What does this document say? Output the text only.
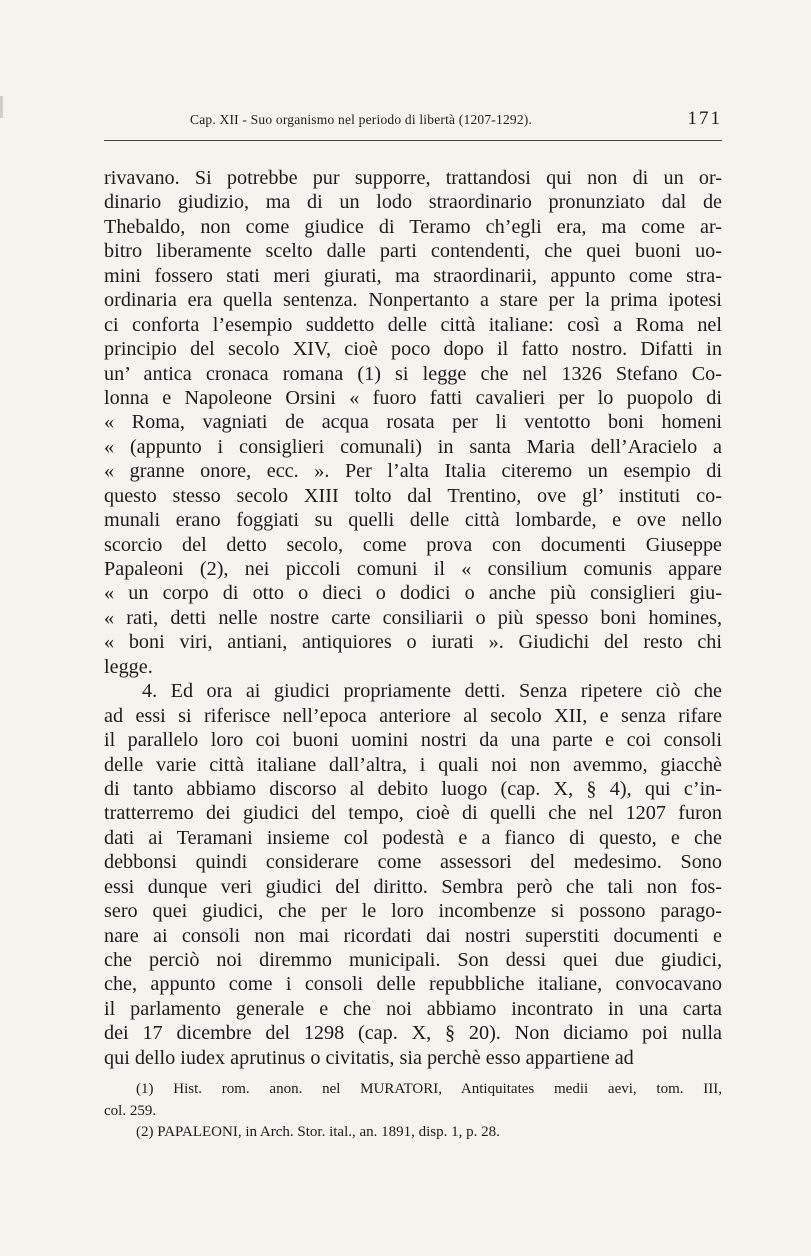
Cap. XII - Suo organismo nel periodo di libertà (1207-1292).	171
rivavano. Si potrebbe pur supporre, trattandosi qui non di un or-
dinario giudizio, ma di un lodo straordinario pronunziato dal de
Thebaldo, non come giudice di Teramo ch’egli era, ma come ar-
bitro liberamente scelto dalle parti contendenti, che quei buoni uo-
mini fossero stati meri giurati, ma straordinarii, appunto come stra-
ordinaria era quella sentenza. Nonpertanto a stare per la prima ipotesi
ci conforta l’esempio suddetto delle città italiane: così a Roma nel
principio del secolo XIV, cioè poco dopo il fatto nostro. Difatti in
un’ antica cronaca romana (1) si legge che nel 1326 Stefano Co-
lonna e Napoleone Orsini « fuoro fatti cavalieri per lo puopolo di
« Roma, vagniati de acqua rosata per li ventotto boni homeni
« (appunto i consiglieri comunali) in santa Maria dell’Aracielo a
« granne onore, ecc. ». Per l’alta Italia citeremo un esempio di
questo stesso secolo XIII tolto dal Trentino, ove gl’ instituti co-
munali erano foggiati su quelli delle città lombarde, e ove nello
scorcio del detto secolo, come prova con documenti Giuseppe
Papaleoni (2), nei piccoli comuni il « consilium comunis appare
« un corpo di otto o dieci o dodici o anche più consiglieri giu-
« rati, detti nelle nostre carte consiliarii o più spesso boni homines,
« boni viri, antiani, antiquiores o iurati ». Giudichi del resto chi
legge.
4. Ed ora ai giudici propriamente detti. Senza ripetere ciò che
ad essi si riferisce nell’epoca anteriore al secolo XII, e senza rifare
il parallelo loro coi buoni uomini nostri da una parte e coi consoli
delle varie città italiane dall’altra, i quali noi non avemmo, giacchè
di tanto abbiamo discorso al debito luogo (cap. X, § 4), qui c’in-
tratterremo dei giudici del tempo, cioè di quelli che nel 1207 furon
dati ai Teramani insieme col podestà e a fianco di questo, e che
debbonsi quindi considerare come assessori del medesimo. Sono
essi dunque veri giudici del diritto. Sembra però che tali non fos-
sero quei giudici, che per le loro incombenze si possono parago-
nare ai consoli non mai ricordati dai nostri superstiti documenti e
che perciò noi diremmo municipali. Son dessi quei due giudici,
che, appunto come i consoli delle repubbliche italiane, convocavano
il parlamento generale e che noi abbiamo incontrato in una carta
dei 17 dicembre del 1298 (cap. X, § 20). Non diciamo poi nulla
qui dello iudex aprutinus o civitatis, sia perchè esso appartiene ad
(1) Hist. rom. anon. nel MURATORI, Antiquitates medii aevi, tom. III,
col. 259.
(2) PAPALEONI, in Arch. Stor. ital., an. 1891, disp. 1, p. 28.
